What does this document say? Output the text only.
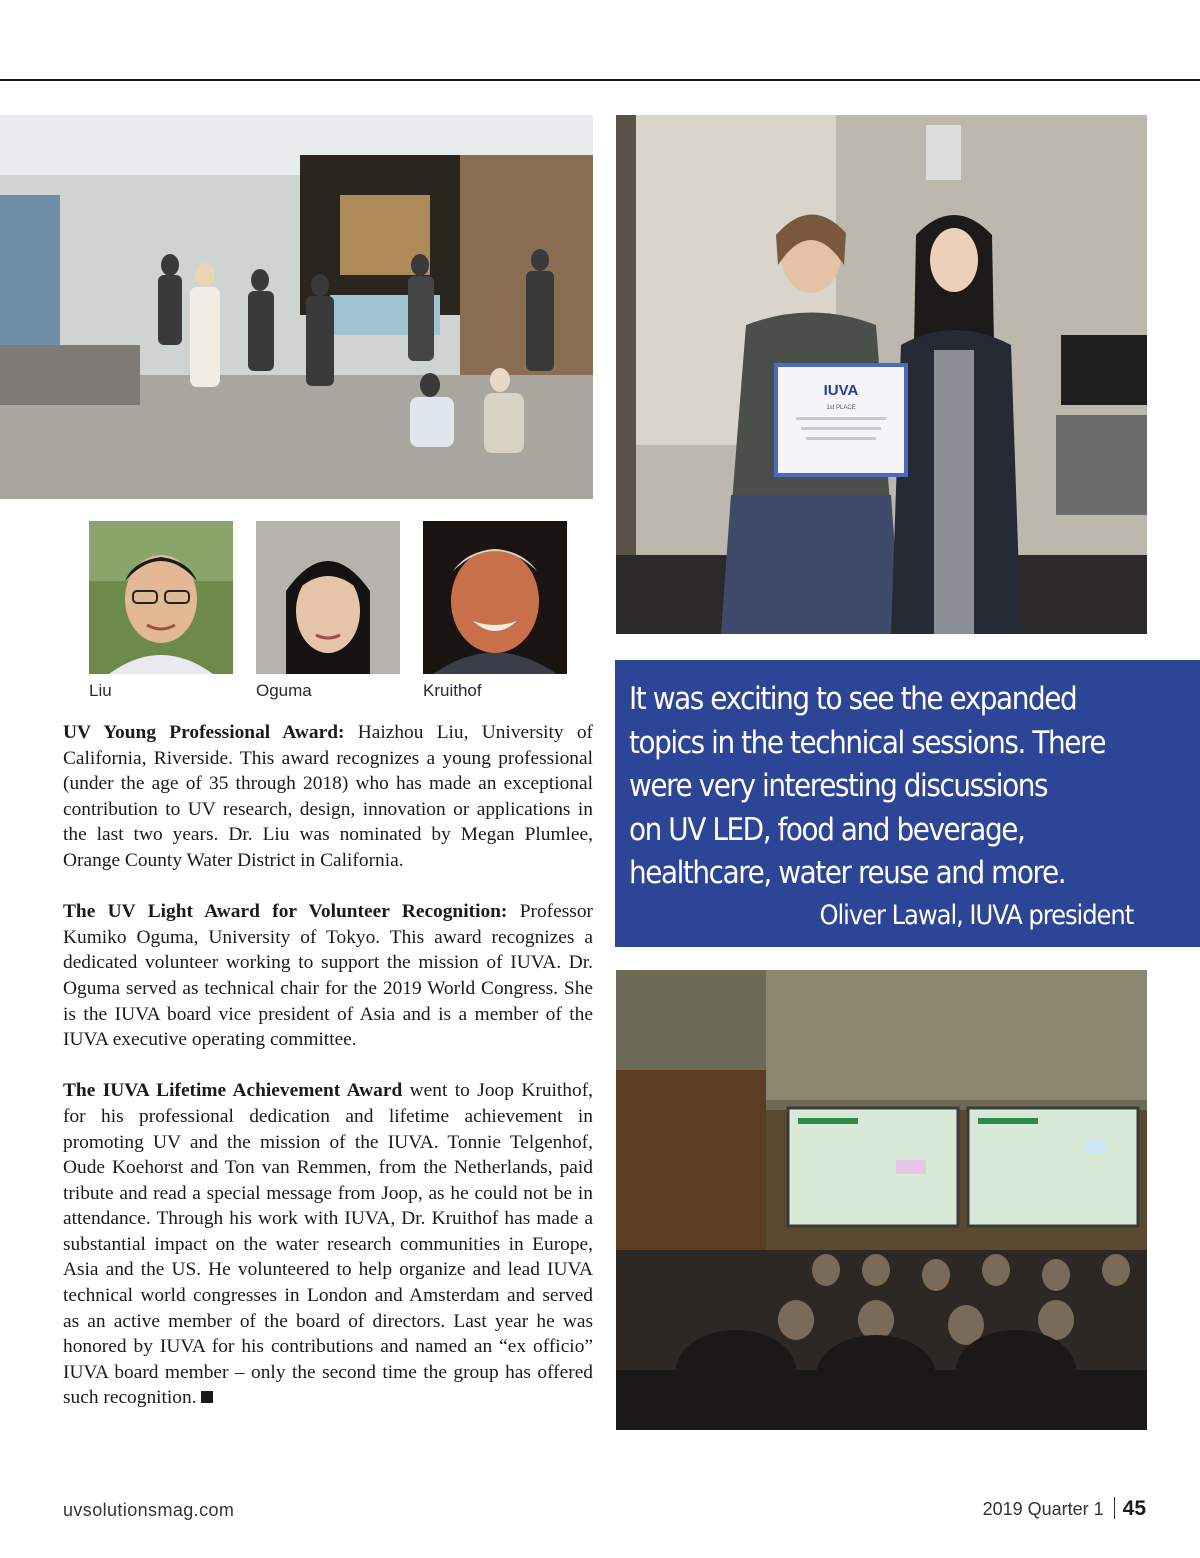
IUVA
1st PLACE
Liu	Oguma	Kruithof

UV Young Professional Award: Haizhou Liu, University of California, Riverside. This award recognizes a young professional (under the age of 35 through 2018) who has made an exceptional contribution to UV research, design, innovation or applications in the last two years. Dr. Liu was nominated by Megan Plumlee, Orange County Water District in California.

The UV Light Award for Volunteer Recognition: Professor Kumiko Oguma, University of Tokyo. This award recognizes a dedicated volunteer working to support the mission of IUVA. Dr. Oguma served as technical chair for the 2019 World Congress. She is the IUVA board vice president of Asia and is a member of the IUVA executive operating committee.

The IUVA Lifetime Achievement Award went to Joop Kruithof, for his professional dedication and lifetime achievement in promoting UV and the mission of the IUVA. Tonnie Telgenhof, Oude Koehorst and Ton van Remmen, from the Netherlands, paid tribute and read a special message from Joop, as he could not be in attendance. Through his work with IUVA, Dr. Kruithof has made a substantial impact on the water research communities in Europe, Asia and the US. He volunteered to help organize and lead IUVA technical world congresses in London and Amsterdam and served as an active member of the board of directors. Last year he was honored by IUVA for his contributions and named an “ex officio” IUVA board member – only the second time the group has offered such recognition.

It was exciting to see the expanded
topics in the technical sessions. There
were very interesting discussions
on UV LED, food and beverage,
healthcare, water reuse and more.
Oliver Lawal, IUVA president
uvsolutionsmag.com	2019 Quarter 1 45
